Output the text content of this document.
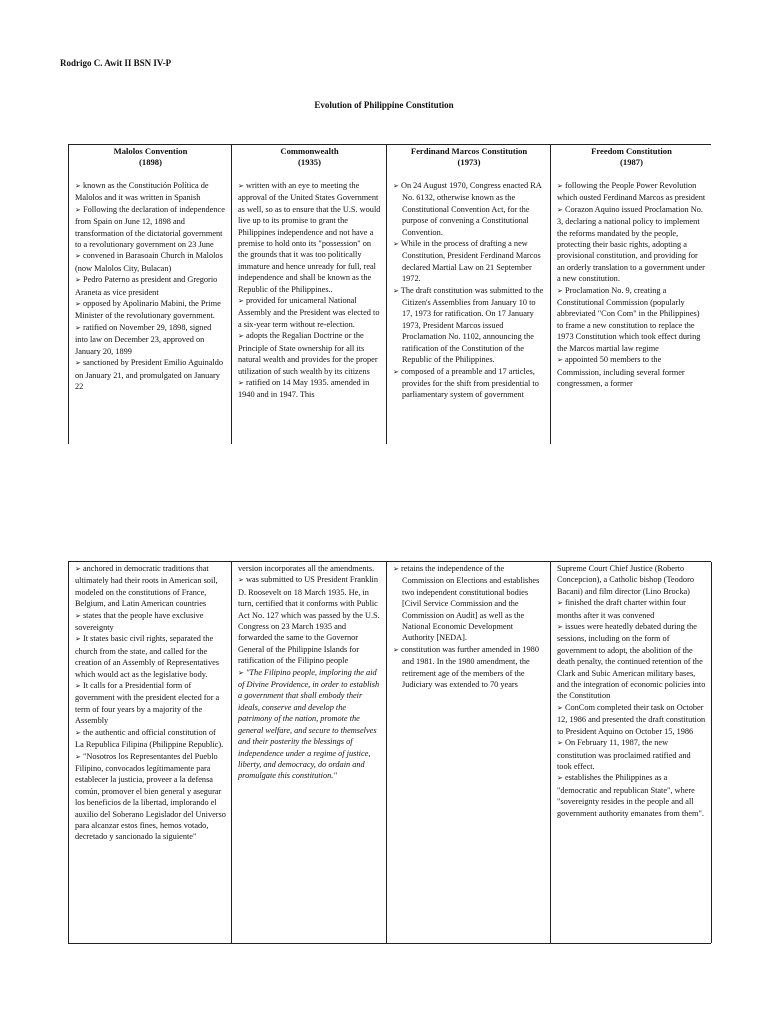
Rodrigo C. Awit II BSN IV-P
Evolution of Philippine Constitution
Malolos Convention
(1898)
➢ known as the Constitución Política de Malolos and it was written in Spanish
➢ Following the declaration of independence from Spain on June 12, 1898 and transformation of the dictatorial government to a revolutionary government on 23 June
➢ convened in Barasoain Church in Malolos (now Malolos City, Bulacan)
➢ Pedro Paterno as president and Gregorio Araneta as vice president
➢ opposed by Apolinario Mabini, the Prime Minister of the revolutionary government.
➢ ratified on November 29, 1898, signed into law on December 23, approved on January 20, 1899
➢ sanctioned by President Emilio Aguinaldo on January 21, and promulgated on January 22
Commonwealth
(1935)
➢ written with an eye to meeting the approval of the United States Government as well, so as to ensure that the U.S. would live up to its promise to grant the Philippines independence and not have a premise to hold onto its "possession" on the grounds that it was too politically immature and hence unready for full, real independence and shall be known as the Republic of the Philippines..
➢ provided for unicameral National Assembly and the President was elected to a six-year term without re-election.
➢ adopts the Regalian Doctrine or the Principle of State ownership for all its natural wealth and provides for the proper utilization of such wealth by its citizens
➢ ratified on 14 May 1935. amended in 1940 and in 1947. This
Ferdinand Marcos Constitution
(1973)
➢ On 24 August 1970, Congress enacted RA No. 6132, otherwise known as the Constitutional Convention Act, for the purpose of convening a Constitutional Convention.
➢ While in the process of drafting a new Constitution, President Ferdinand Marcos declared Martial Law on 21 September 1972.
➢ The draft constitution was submitted to the Citizen's Assemblies from January 10 to 17, 1973 for ratification. On 17 January 1973, President Marcos issued Proclamation No. 1102, announcing the ratification of the Constitution of the Republic of the Philippines.
➢ composed of a preamble and 17 articles, provides for the shift from presidential to parliamentary system of government
Freedom Constitution
(1987)
➢ following the People Power Revolution which ousted Ferdinand Marcos as president
➢ Corazon Aquino issued Proclamation No. 3, declaring a national policy to implement the reforms mandated by the people, protecting their basic rights, adopting a provisional constitution, and providing for an orderly translation to a government under a new constitution.
➢ Proclamation No. 9, creating a Constitutional Commission (popularly abbreviated "Con Com" in the Philippines) to frame a new constitution to replace the 1973 Constitution which took effect during the Marcos martial law regime
➢ appointed 50 members to the Commission, including several former congressmen, a former
➢ anchored in democratic traditions that ultimately had their roots in American soil, modeled on the constitutions of France, Belgium, and Latin American countries
➢ states that the people have exclusive sovereignty
➢ It states basic civil rights, separated the church from the state, and called for the creation of an Assembly of Representatives which would act as the legislative body.
➢ It calls for a Presidential form of government with the president elected for a term of four years by a majority of the Assembly
➢ the authentic and official constitution of La Republica Filipina (Philippine Republic).
➢ "Nosotros los Representantes del Pueblo Filipino, convocados legítimamente para establecer la justicia, proveer a la defensa común, promover el bien general y asegurar los beneficios de la libertad, implorando el auxilio del Soberano Legislador del Universo para alcanzar estos fines, hemos votado, decretado y sancionado la siguiente"
version incorporates all the amendments.
➢ was submitted to US President Franklin D. Roosevelt on 18 March 1935. He, in turn, certified that it conforms with Public Act No. 127 which was passed by the U.S. Congress on 23 March 1935 and forwarded the same to the Governor General of the Philippine Islands for ratification of the Filipino people
➢ "The Filipino people, imploring the aid of Divine Providence, in order to establish a government that shall embody their ideals, conserve and develop the patrimony of the nation, promote the general welfare, and secure to themselves and their posterity the blessings of independence under a regime of justice, liberty, and democracy, do ordain and promulgate this constitution."
➢ retains the independence of the Commission on Elections and establishes two independent constitutional bodies [Civil Service Commission and the Commission on Audit] as well as the National Economic Development Authority [NEDA].
➢ constitution was further amended in 1980 and 1981. In the 1980 amendment, the retirement age of the members of the Judiciary was extended to 70 years
Supreme Court Chief Justice (Roberto Concepcion), a Catholic bishop (Teodoro Bacani) and film director (Lino Brocka)
➢ finished the draft charter within four months after it was convened
➢ issues were heatedly debated during the sessions, including on the form of government to adopt, the abolition of the death penalty, the continued retention of the Clark and Subic American military bases, and the integration of economic policies into the Constitution
➢ ConCom completed their task on October 12, 1986 and presented the draft constitution to President Aquino on October 15, 1986
➢ On February 11, 1987, the new constitution was proclaimed ratified and took effect.
➢ establishes the Philippines as a "democratic and republican State", where "sovereignty resides in the people and all government authority emanates from them".
